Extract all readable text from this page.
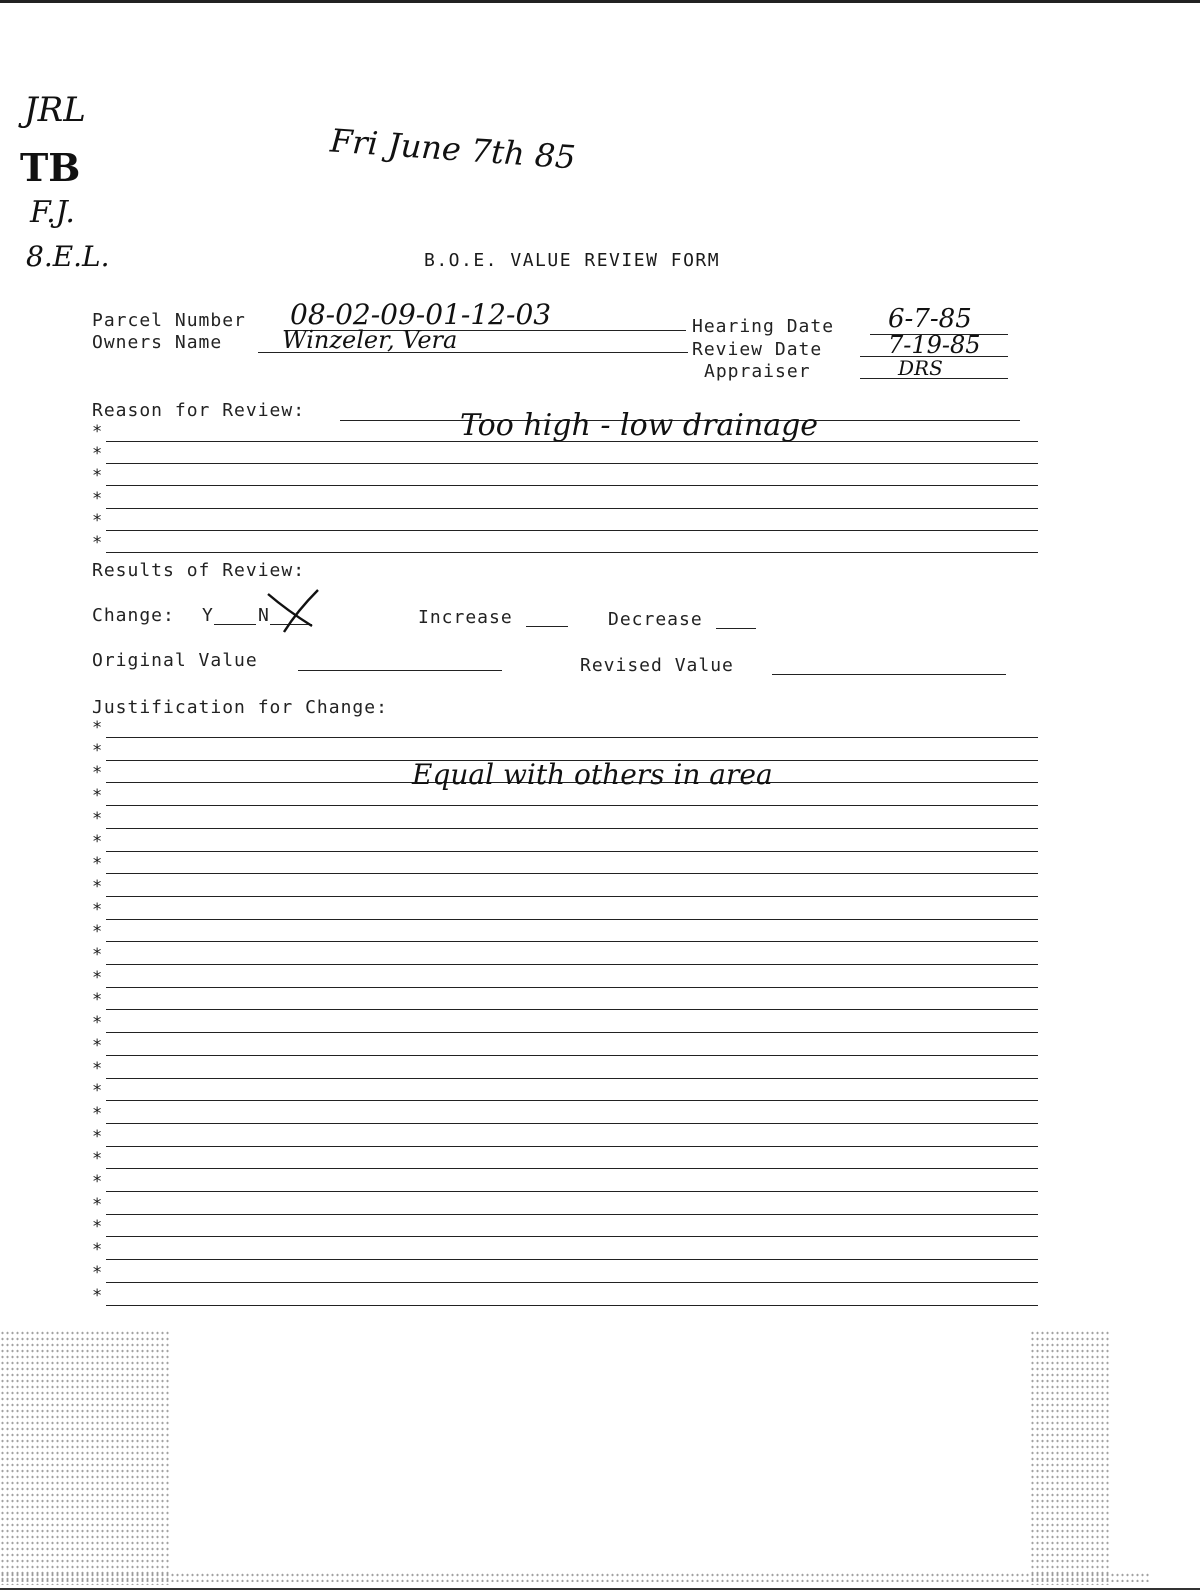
JRL
TB
F.J.
8.E.L.
Fri June 7th 85
B.O.E. VALUE REVIEW FORM
Parcel Number 08-02-09-01-12-03
Owners Name Winzeler, Vera	Hearing Date 6-7-85
Review Date	7-19-85
Appraiser	DRS
Reason for Review:	Too high - low drainage
*
*
*
*
*
*
Results of Review:
Change: Y N	Increase	Decrease
Original Value	Revised Value
Justification for Change:
*
*
*
*
*
*
*
*
*
*
*
*
*
*
*
*
*
*
*
*
*
*
*
*
*
*
Equal with others in area
